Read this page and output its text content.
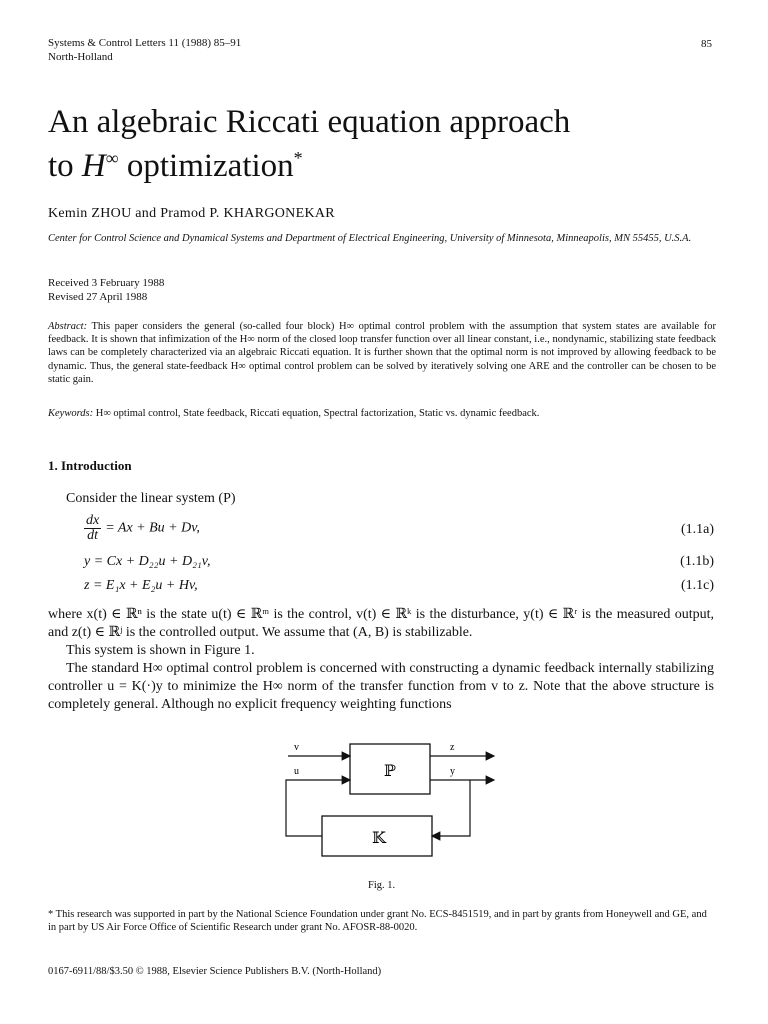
Systems & Control Letters 11 (1988) 85–91
North-Holland
85
An algebraic Riccati equation approach
to H∞ optimization*
Kemin ZHOU and Pramod P. KHARGONEKAR
Center for Control Science and Dynamical Systems and Department of Electrical Engineering, University of Minnesota, Minneapolis, MN 55455, U.S.A.
Received 3 February 1988
Revised 27 April 1988
Abstract: This paper considers the general (so-called four block) H∞ optimal control problem with the assumption that system states are available for feedback. It is shown that infimization of the H∞ norm of the closed loop transfer function over all linear constant, i.e., nondynamic, stabilizing state feedback laws can be completely characterized via an algebraic Riccati equation. It is further shown that the optimal norm is not improved by allowing feedback to be dynamic. Thus, the general state-feedback H∞ optimal control problem can be solved by iteratively solving one ARE and the controller can be chosen to be static gain.
Keywords: H∞ optimal control, State feedback, Riccati equation, Spectral factorization, Static vs. dynamic feedback.
1. Introduction
Consider the linear system (P)
$\frac{dx}{dt} = Ax + Bu + Dv$,	(1.1a)
y = Cx + D₂₂u + D₂₁v,	(1.1b)
z = E₁x + E₂u + Hv,	(1.1c)
where x(t) ∈ ℝⁿ is the state u(t) ∈ ℝᵐ is the control, v(t) ∈ ℝᵏ is the disturbance, y(t) ∈ ℝʳ is the measured output, and z(t) ∈ ℝʲ is the controlled output. We assume that (A, B) is stabilizable.
This system is shown in Figure 1.
The standard H∞ optimal control problem is concerned with constructing a dynamic feedback internally stabilizing controller u = K(·)y to minimize the H∞ norm of the transfer function from v to z. Note that the above structure is completely general. Although no explicit frequency weighting functions
v
u
z
y
ℙ
𝕂
Fig. 1.
* This research was supported in part by the National Science Foundation under grant No. ECS-8451519, and in part by grants from Honeywell and GE, and in part by US Air Force Office of Scientific Research under grant No. AFOSR-88-0020.
0167-6911/88/$3.50 © 1988, Elsevier Science Publishers B.V. (North-Holland)
